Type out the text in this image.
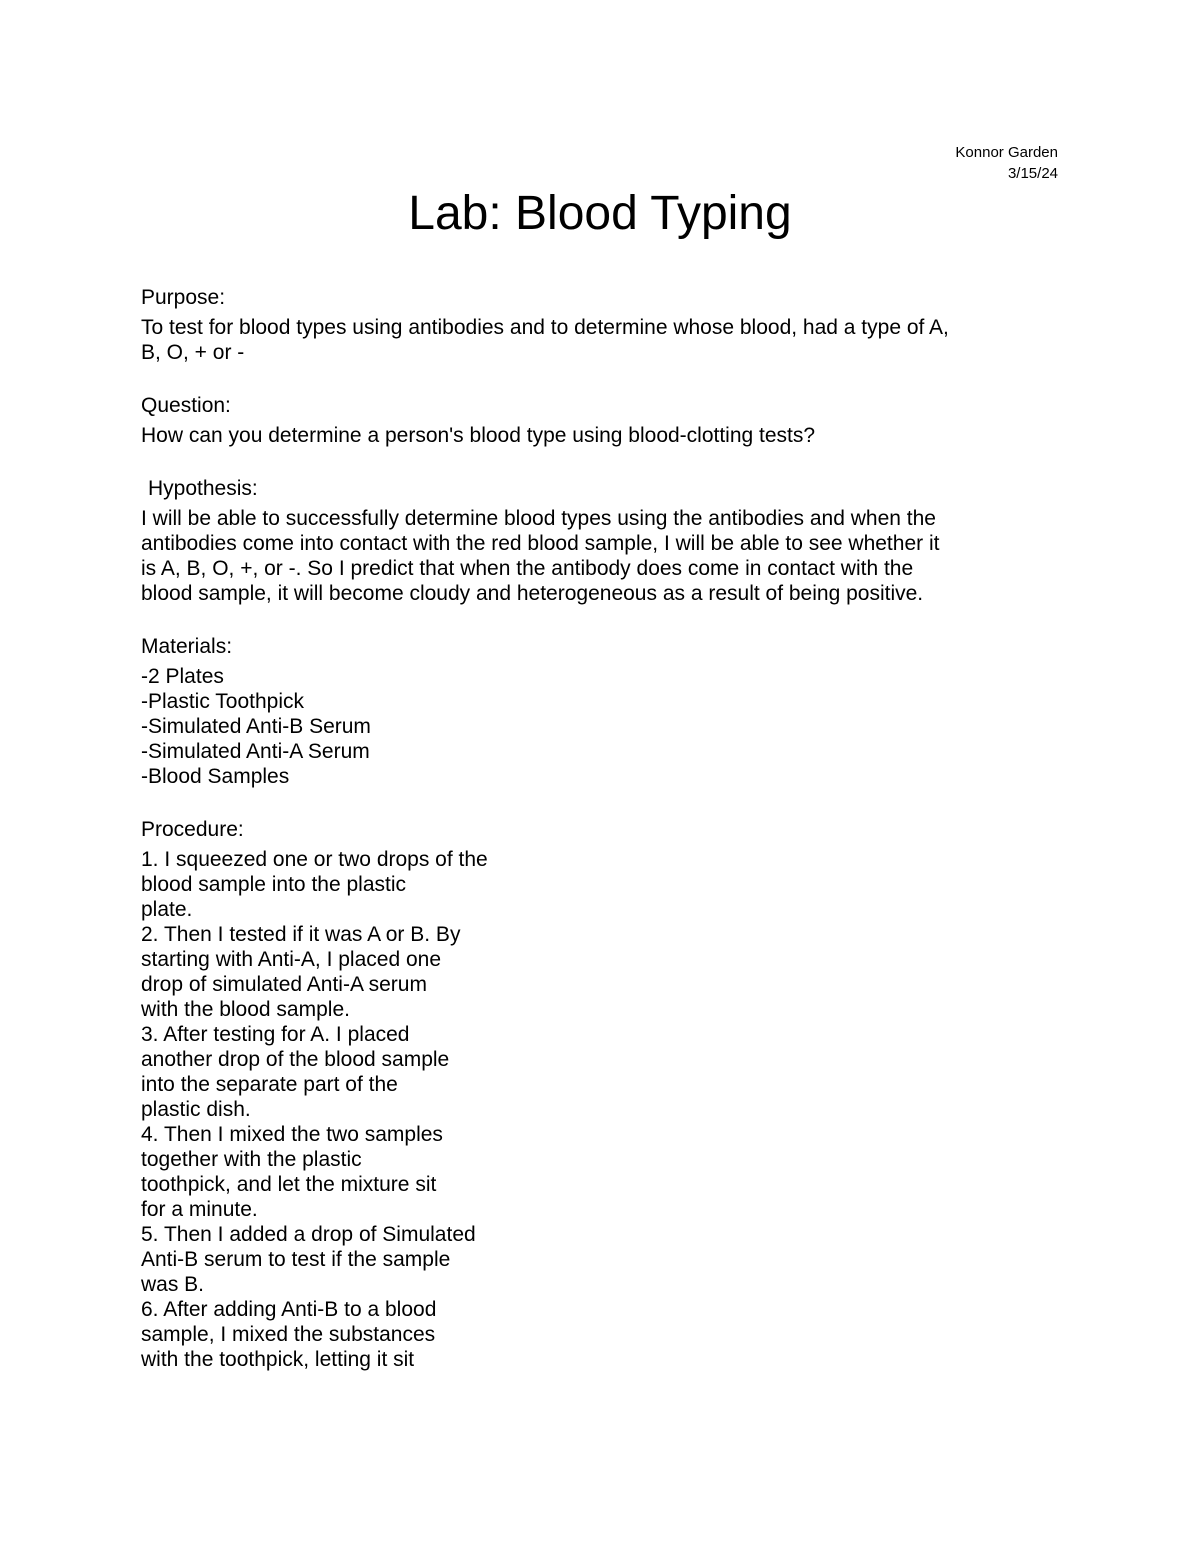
Konnor Garden
3/15/24
Lab: Blood Typing
Purpose:
To test for blood types using antibodies and to determine whose blood, had a type of A,
B, O, + or -
Question:
How can you determine a person's blood type using blood-clotting tests?
Hypothesis:
I will be able to successfully determine blood types using the antibodies and when the
antibodies come into contact with the red blood sample, I will be able to see whether it
is A, B, O, +, or -. So I predict that when the antibody does come in contact with the
blood sample, it will become cloudy and heterogeneous as a result of being positive.
Materials:
-2 Plates
-Plastic Toothpick
-Simulated Anti-B Serum
-Simulated Anti-A Serum
-Blood Samples
Procedure:
1. I squeezed one or two drops of the
blood sample into the plastic
plate.
2. Then I tested if it was A or B. By
starting with Anti-A, I placed one
drop of simulated Anti-A serum
with the blood sample.
3. After testing for A. I placed
another drop of the blood sample
into the separate part of the
plastic dish.
4. Then I mixed the two samples
together with the plastic
toothpick, and let the mixture sit
for a minute.
5. Then I added a drop of Simulated
Anti-B serum to test if the sample
was B.
6. After adding Anti-B to a blood
sample, I mixed the substances
with the toothpick, letting it sit
